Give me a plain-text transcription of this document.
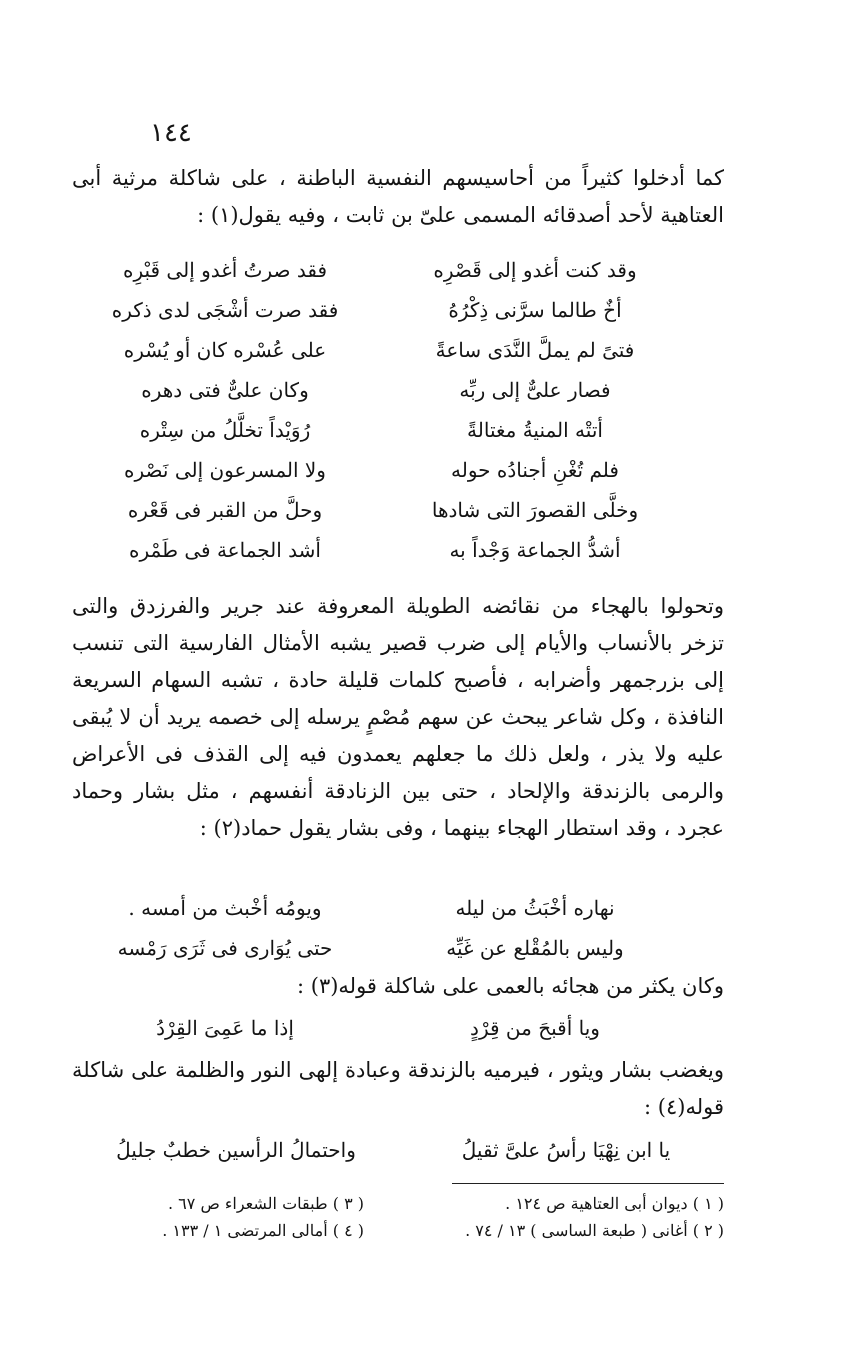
١٤٤

كما أدخلوا كثيراً من أحاسيسهم النفسية الباطنة ، على شاكلة مرثية أبى العتاهية لأحد أصدقائه المسمى علىّ بن ثابت ، وفيه يقول(١) :

وقد كنت أغدو إلى قَصْرِه
فقد صرتُ أغدو إلى قَبْرِه
أخٌ طالما سرَّنى ذِكْرُهُ
فقد صرت أشْجَى لدى ذكره
فتىً لم يملَّ النَّدَى ساعةً
على عُسْره كان أو يُسْره
فصار علىٌّ إلى ربِّه
وكان علىٌّ فتى دهره
أتتْه المنيةُ مغتالةً
رُوَيْداً تخلَّلُ من سِتْره
فلم تُغْنِ أجنادُه حوله
ولا المسرعون إلى نَصْره
وخلَّى القصورَ التى شادها
وحلَّ من القبر فى قَعْره
أشدُّ الجماعة وَجْداً به
أشد الجماعة فى طَمْره

وتحولوا بالهجاء من نقائضه الطويلة المعروفة عند جرير والفرزدق والتى تزخر بالأنساب والأيام إلى ضرب قصير يشبه الأمثال الفارسية التى تنسب إلى بزرجمهر وأضرابه ، فأصبح كلمات قليلة حادة ، تشبه السهام السريعة النافذة ، وكل شاعر يبحث عن سهم مُصْمٍ يرسله إلى خصمه يريد أن لا يُبقى عليه ولا يذر ، ولعل ذلك ما جعلهم يعمدون فيه إلى القذف فى الأعراض والرمى بالزندقة والإلحاد ، حتى بين الزنادقة أنفسهم ، مثل بشار وحماد عجرد ، وقد استطار الهجاء بينهما ، وفى بشار يقول حماد(٢) :

نهاره أخْبَثُ من ليله
ويومُه أخْبث من أمسه .
وليس بالمُقْلع عن غَيِّه
حتى يُوَارى فى ثَرَى رَمْسه

وكان يكثر من هجائه بالعمى على شاكلة قوله(٣) :

ويا أقبحَ من قِرْدٍ
إذا ما عَمِىَ القِرْدُ

ويغضب بشار ويثور ، فيرميه بالزندقة وعبادة إلهى النور والظلمة على شاكلة قوله(٤) :

يا ابن نِهْيَا رأسُ علىَّ ثقيلُ
واحتمالُ الرأسين خطبٌ جليلُ
( ١ ) ديوان أبى العتاهية ص ١٢٤ .
( ٣ ) طبقات الشعراء ص ٦٧ .
( ٢ ) أغانى ( طبعة الساسى ) ١٣ / ٧٤ .
( ٤ ) أمالى المرتضى ١ / ١٣٣ .
